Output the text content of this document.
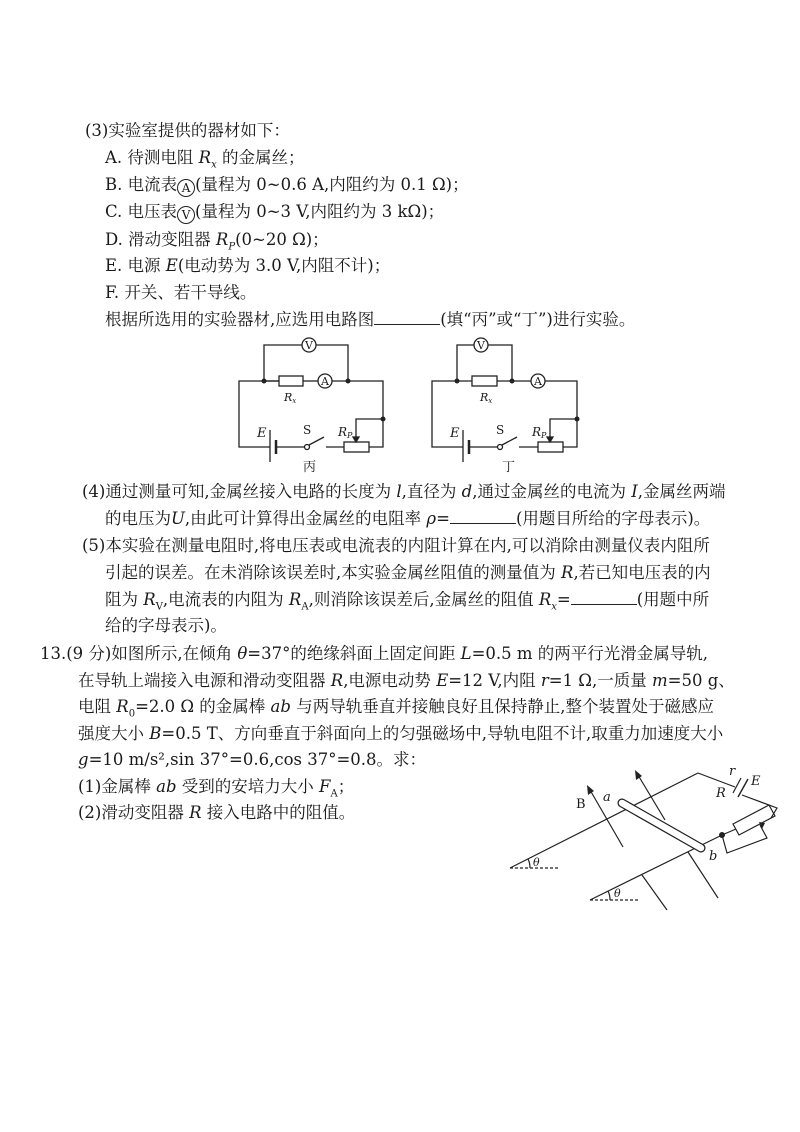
(3)实验室提供的器材如下：
A. 待测电阻 $R_x$ 的金属丝；
B. 电流表 A (量程为 0~0.6 A,内阻约为 0.1 Ω)；
C. 电压表 V (量程为 0~3 V,内阻约为 3 kΩ)；
D. 滑动变阻器 $R_P(0\sim 20$ Ω)；
E. 电源 E(电动势为 3.0 V,内阻不计)；
F. 开关、若干导线。
根据所选用的实验器材,应选用电路图	(填“丙”或“丁”)进行实验。
V
A
Rx
E	S RP
丙
V
A
Rx
E	S RP
丁
B a
b
r
E
R
θ
θ
(4)通过测量可知,金属丝接入电路的长度为 l,直径为 d,通过金属丝的电流为 I,金属丝两端
的电压为U,由此可计算得出金属丝的电阻率 ρ=	(用题目所给的字母表示)。
(5)本实验在测量电阻时,将电压表或电流表的内阻计算在内,可以消除由测量仪表内阻所
引起的误差。在未消除该误差时,本实验金属丝阻值的测量值为 R,若已知电压表的内
阻为 $R_V$,电流表的内阻为 $R_A$,则消除该误差后,金属丝的阻值 $R_x=$	(用题中所
给的字母表示)。
13.(9 分)如图所示,在倾角 θ=37°的绝缘斜面上固定间距 L=0.5 m 的两平行光滑金属导轨,
在导轨上端接入电源和滑动变阻器 R,电源电动势 E=12 V,内阻 r=1 Ω,一质量 m=50 g、
电阻 $R_0=2.0$ Ω 的金属棒 ab 与两导轨垂直并接触良好且保持静止,整个装置处于磁感应
强度大小 B=0.5 T、方向垂直于斜面向上的匀强磁场中,导轨电阻不计,取重力加速度大小
g=10 m/s²,sin 37°=0.6,cos 37°=0.8。求：
(1)金属棒 ab 受到的安培力大小 $F_A$；
(2)滑动变阻器 R 接入电路中的阻值。
